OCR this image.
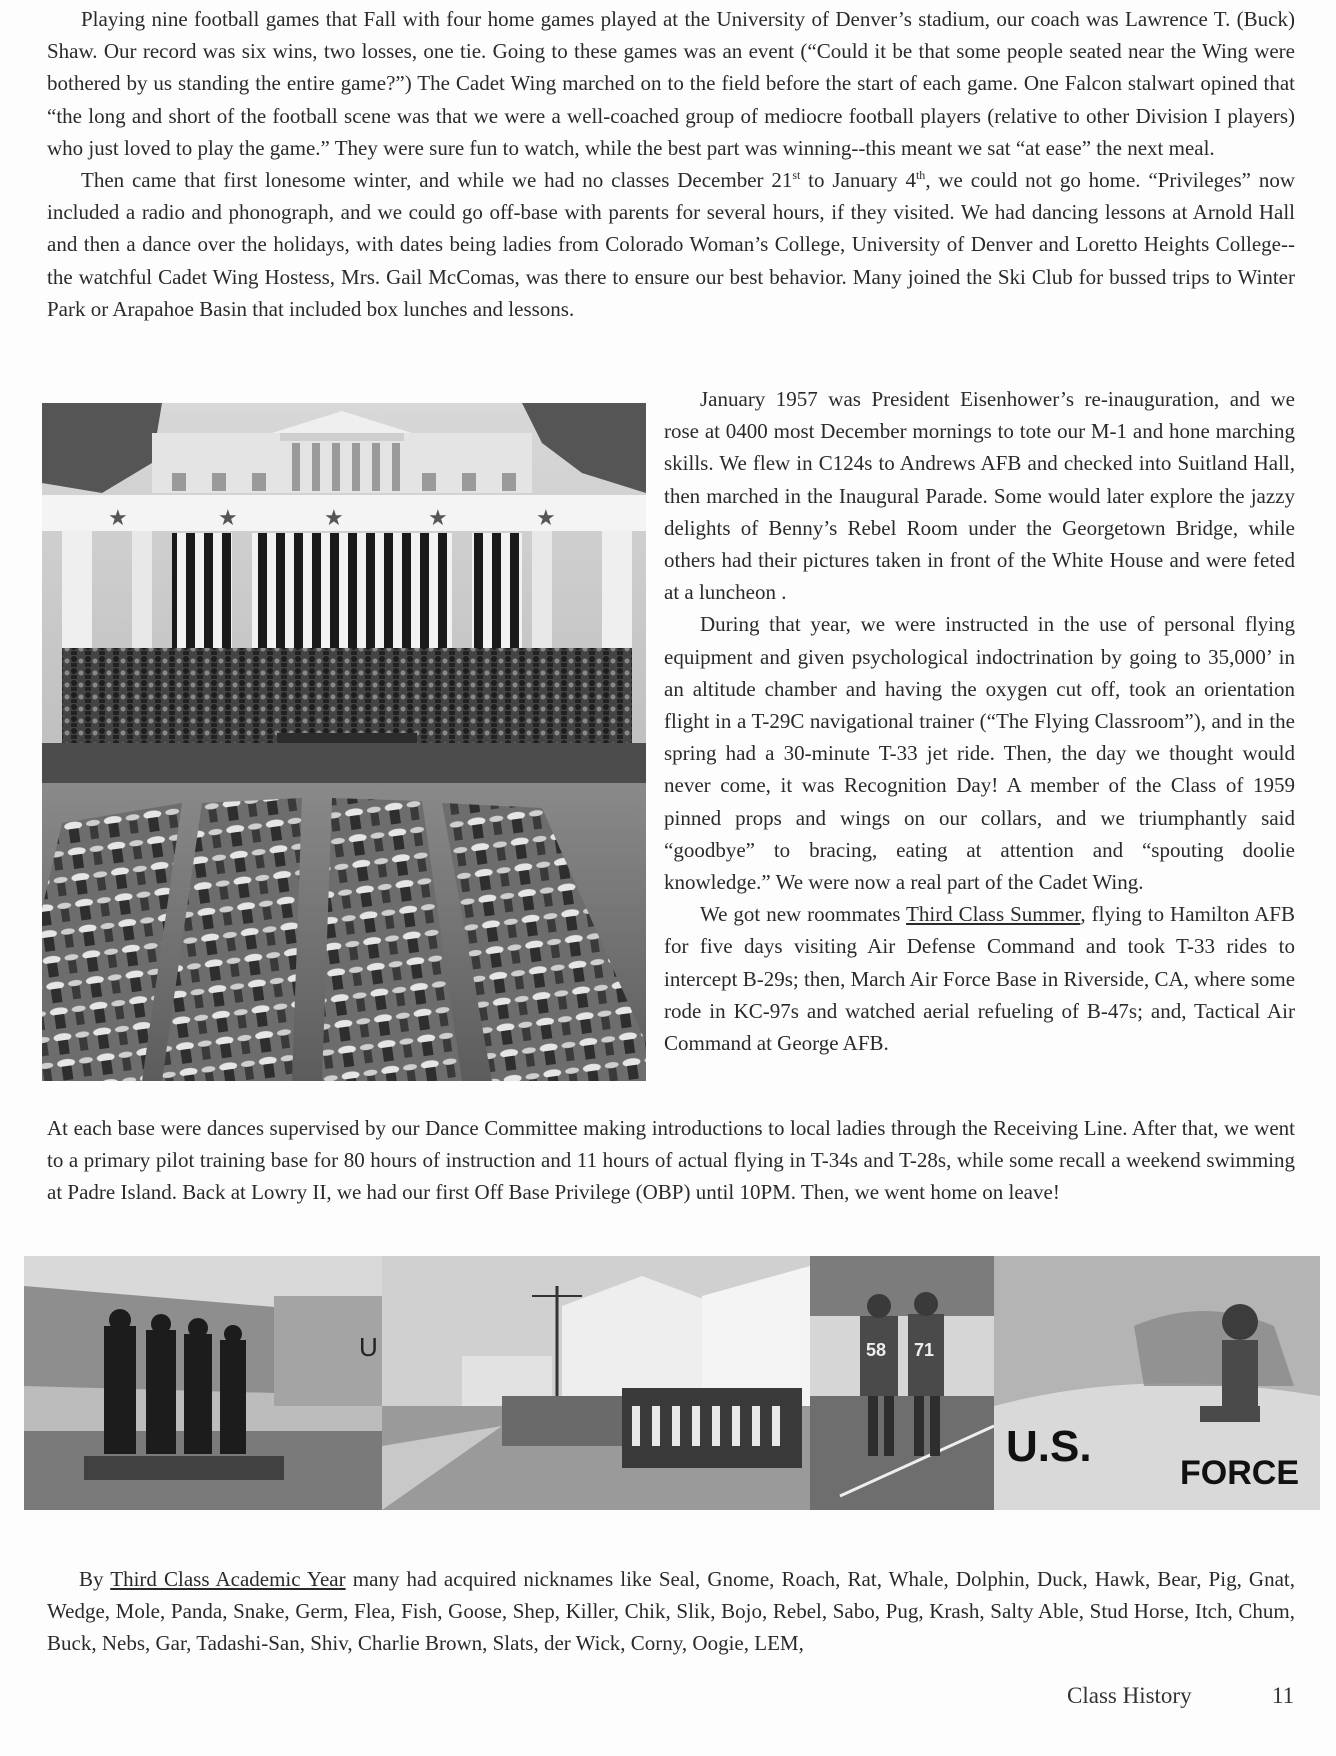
Playing nine football games that Fall with four home games played at the University of Denver’s stadium, our coach was Lawrence T. (Buck) Shaw. Our record was six wins, two losses, one tie. Going to these games was an event (“Could it be that some people seated near the Wing were bothered by us standing the entire game?”) The Cadet Wing marched on to the field before the start of each game. One Falcon stalwart opined that “the long and short of the football scene was that we were a well-coached group of mediocre football players (relative to other Division I players) who just loved to play the game.” They were sure fun to watch, while the best part was winning--this meant we sat “at ease” the next meal.

Then came that first lonesome winter, and while we had no classes December 21st to January 4th, we could not go home. “Privileges” now included a radio and phonograph, and we could go off-base with parents for several hours, if they visited. We had dancing lessons at Arnold Hall and then a dance over the holidays, with dates being ladies from Colorado Woman’s College, University of Denver and Loretto Heights College--the watchful Cadet Wing Hostess, Mrs. Gail McComas, was there to ensure our best behavior. Many joined the Ski Club for bussed trips to Winter Park or Arapahoe Basin that included box lunches and lessons.

★	★	★	★	★

January 1957 was President Eisenhower’s re-inauguration, and we rose at 0400 most December mornings to tote our M-1 and hone marching skills. We flew in C124s to Andrews AFB and checked into Suitland Hall, then marched in the Inaugural Parade. Some would later explore the jazzy delights of Benny’s Rebel Room under the Georgetown Bridge, while others had their pictures taken in front of the White House and were feted at a luncheon .

During that year, we were instructed in the use of personal flying equipment and given psychological indoctrination by going to 35,000’ in an altitude chamber and having the oxygen cut off, took an orientation flight in a T-29C navigational trainer (“The Flying Classroom”), and in the spring had a 30-minute T-33 jet ride. Then, the day we thought would never come, it was Recognition Day! A member of the Class of 1959 pinned props and wings on our collars, and we triumphantly said “goodbye” to bracing, eating at attention and “spouting doolie knowledge.” We were now a real part of the Cadet Wing.

We got new roommates Third Class Summer, flying to Hamilton AFB for five days visiting Air Defense Command and took T-33 rides to intercept B-29s; then, March Air Force Base in Riverside, CA, where some rode in KC-97s and watched aerial refueling of B-47s; and, Tactical Air Command at George AFB.

At each base were dances supervised by our Dance Committee making introductions to local ladies through the Receiving Line. After that, we went to a primary pilot training base for 80 hours of instruction and 11 hours of actual flying in T-34s and T-28s, while some recall a weekend swimming at Padre Island. Back at Lowry II, we had our first Off Base Privilege (OBP) until 10PM. Then, we went home on leave!

U	58 71
U.S.
FORCE

By Third Class Academic Year many had acquired nicknames like Seal, Gnome, Roach, Rat, Whale, Dolphin, Duck, Hawk, Bear, Pig, Gnat, Wedge, Mole, Panda, Snake, Germ, Flea, Fish, Goose, Shep, Killer, Chik, Slik, Bojo, Rebel, Sabo, Pug, Krash, Salty Able, Stud Horse, Itch, Chum, Buck, Nebs, Gar, Tadashi-San, Shiv, Charlie Brown, Slats, der Wick, Corny, Oogie, LEM,

Class History	11
